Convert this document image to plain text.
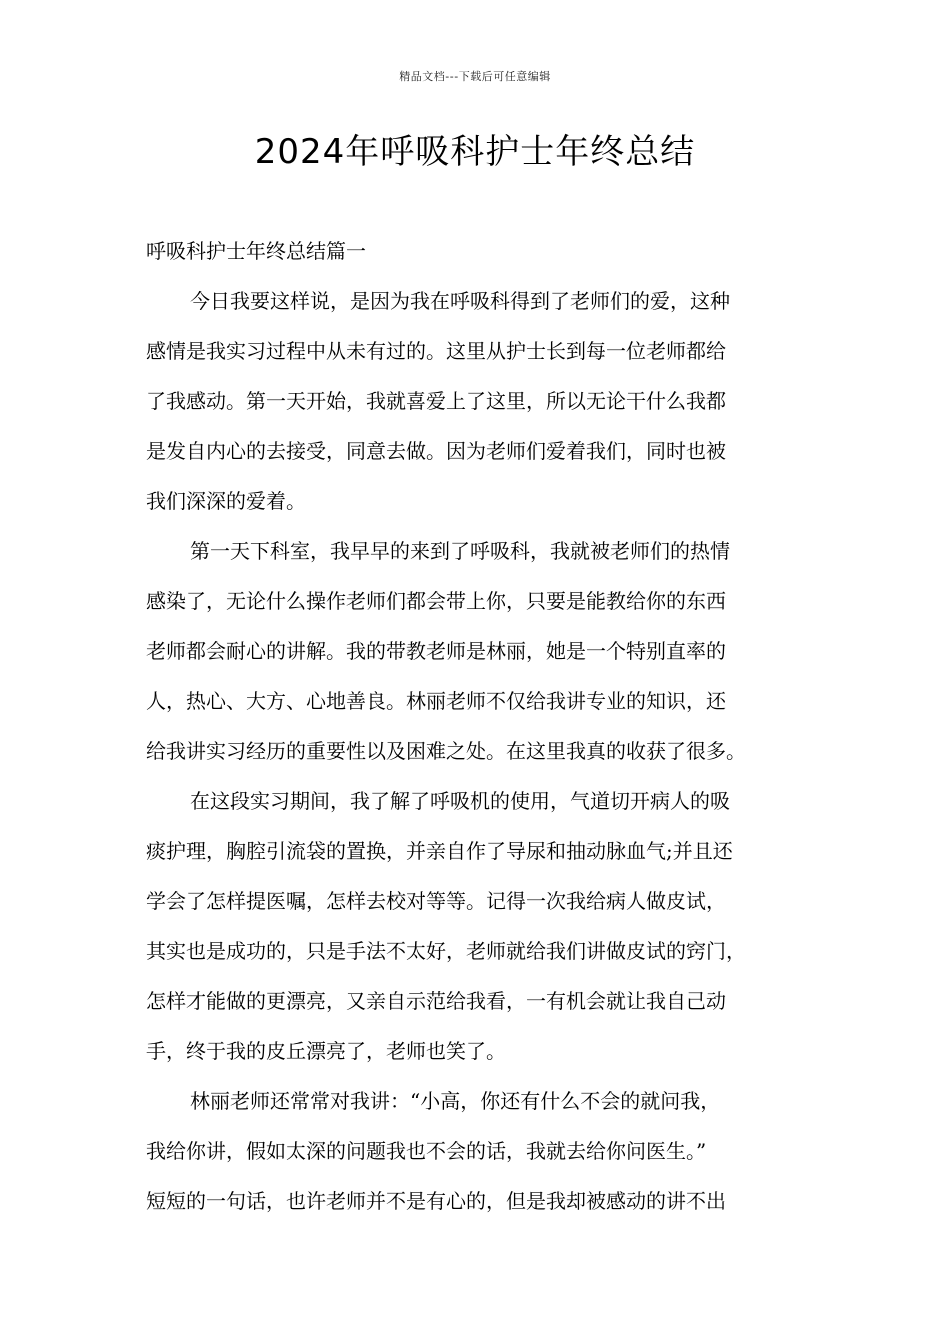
精品文档---下载后可任意编辑
2024年呼吸科护士年终总结
呼吸科护士年终总结篇一
今日我要这样说，是因为我在呼吸科得到了老师们的爱，这种
感情是我实习过程中从未有过的。这里从护士长到每一位老师都给
了我感动。第一天开始，我就喜爱上了这里，所以无论干什么我都
是发自内心的去接受，同意去做。因为老师们爱着我们，同时也被
我们深深的爱着。
第一天下科室，我早早的来到了呼吸科，我就被老师们的热情
感染了，无论什么操作老师们都会带上你，只要是能教给你的东西
老师都会耐心的讲解。我的带教老师是林丽，她是一个特别直率的
人，热心、大方、心地善良。林丽老师不仅给我讲专业的知识，还
给我讲实习经历的重要性以及困难之处。在这里我真的收获了很多。
在这段实习期间，我了解了呼吸机的使用，气道切开病人的吸
痰护理，胸腔引流袋的置换，并亲自作了导尿和抽动脉血气;并且还
学会了怎样提医嘱，怎样去校对等等。记得一次我给病人做皮试，
其实也是成功的，只是手法不太好，老师就给我们讲做皮试的窍门，
怎样才能做的更漂亮，又亲自示范给我看，一有机会就让我自己动
手，终于我的皮丘漂亮了，老师也笑了。
林丽老师还常常对我讲：“小高，你还有什么不会的就问我，
我给你讲，假如太深的问题我也不会的话，我就去给你问医生。”
短短的一句话，也许老师并不是有心的，但是我却被感动的讲不出
